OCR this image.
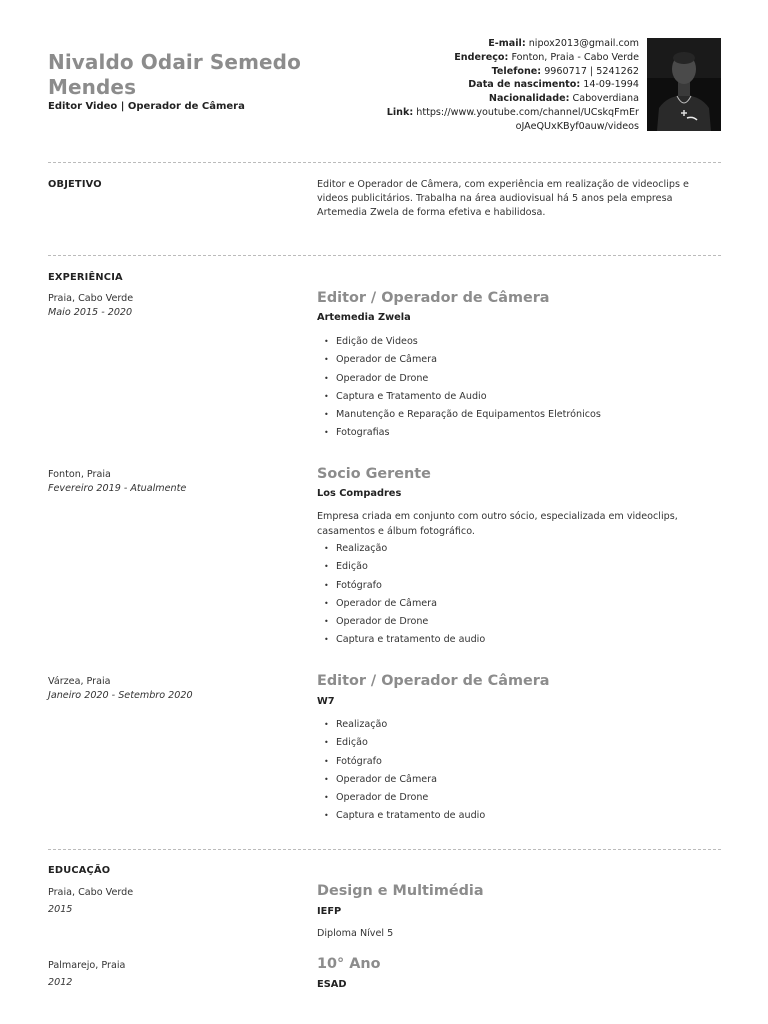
Nivaldo Odair Semedo Mendes
Editor Video | Operador de Câmera
E-mail: nipox2013@gmail.com
Endereço: Fonton, Praia - Cabo Verde
Telefone: 9960717 | 5241262
Data de nascimento: 14-09-1994
Nacionalidade: Caboverdiana
Link: https://www.youtube.com/channel/UCskqFmEr
oJAeQUxKByf0auw/videos
OBJETIVO	Editor e Operador de Câmera, com experiência em realização de videoclips e videos publicitários. Trabalha na área audiovisual há 5 anos pela empresa Artemedia Zwela de forma efetiva e habilidosa.
EXPERIÊNCIA
Praia, Cabo Verde
Maio 2015 - 2020
Editor / Operador de Câmera
Artemedia Zwela
• Edição de Videos
• Operador de Câmera
• Operador de Drone
• Captura e Tratamento de Audio
• Manutenção e Reparação de Equipamentos Eletrónicos
• Fotografias
Fonton, Praia
Fevereiro 2019 - Atualmente
Socio Gerente
Los Compadres
Empresa criada em conjunto com outro sócio, especializada em videoclips, casamentos e álbum fotográfico.
• Realização
• Edição
• Fotógrafo
• Operador de Câmera
• Operador de Drone
• Captura e tratamento de audio
Várzea, Praia
Janeiro 2020 - Setembro 2020
Editor / Operador de Câmera
W7
• Realização
• Edição
• Fotógrafo
• Operador de Câmera
• Operador de Drone
• Captura e tratamento de audio
EDUCAÇÃO
Praia, Cabo Verde
2015
Design e Multimédia
IEFP
Diploma Nível 5
Palmarejo, Praia
2012
10° Ano
ESAD
